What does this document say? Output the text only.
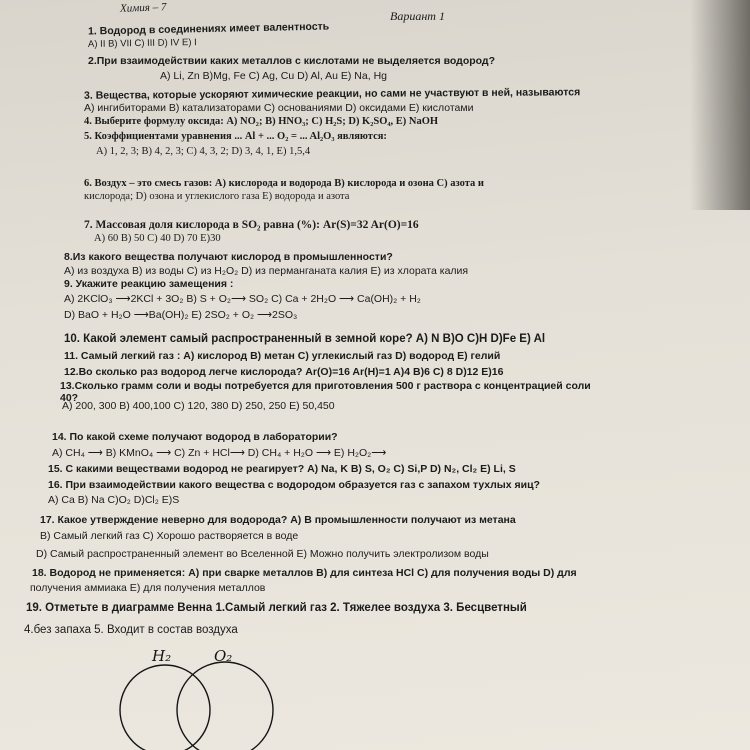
Химия – 7
Вариант 1
1. Водород в соединениях имеет валентность
A) II B) VII C) III D) IV E) I
2.При взаимодействии каких металлов с кислотами не выделяется водород?
A) Li, Zn B)Mg, Fe C) Ag, Cu D) Al, Au E) Na, Hg
3. Вещества, которые ускоряют химические реакции, но сами не участвуют в ней, называются
A) ингибиторами B) катализаторами C) основаниями D) оксидами E) кислотами
4. Выберите формулу оксида: A) NO₂; B) HNO₃; C) H₂S; D) K₂SO₄, E) NaOH
5. Коэффициентами уравнения ... Al + ... O₂ = ... Al₂O₃ являются:
A) 1, 2, 3; B) 4, 2, 3; C) 4, 3, 2; D) 3, 4, 1, E) 1,5,4
6. Воздух – это смесь газов: A) кислорода и водорода B) кислорода и озона C) азота и
кислорода; D) озона и углекислого газа E) водорода и азота
7. Массовая доля кислорода в SO₂ равна (%): Ar(S)=32 Ar(O)=16
A) 60 B) 50 C) 40 D) 70 E)30
8.Из какого вещества получают кислород в промышленности?
A) из воздуха B) из воды C) из H₂O₂ D) из перманганата калия E) из хлората калия
9. Укажите реакцию замещения :
A) 2KClO₃ ⟶2KCl + 3O₂ B) S + O₂⟶ SO₂ C) Ca + 2H₂O ⟶ Ca(OH)₂ + H₂
D) BaO + H₂O ⟶Ba(OH)₂ E) 2SO₂ + O₂ ⟶2SO₃
10. Какой элемент самый распространенный в земной коре? A) N B)O C)H D)Fe E) Al
11. Самый легкий газ : A) кислород B) метан C) углекислый газ D) водород E) гелий
12.Во сколько раз водород легче кислорода? Ar(O)=16 Ar(H)=1 A)4 B)6 C) 8 D)12 E)16
13.Сколько грамм соли и воды потребуется для приготовления 500 г раствора с концентрацией соли
40?
A) 200, 300 B) 400,100 C) 120, 380 D) 250, 250 E) 50,450
14. По какой схеме получают водород в лаборатории?
A) CH₄ ⟶ B) KMnO₄ ⟶ C) Zn + HCl⟶ D) CH₄ + H₂O ⟶ E) H₂O₂⟶
15. С какими веществами водород не реагирует? A) Na, K B) S, O₂ C) Si,P D) N₂, Cl₂ E) Li, S
16. При взаимодействии какого вещества с водородом образуется газ с запахом тухлых яиц?
A) Ca B) Na C)O₂ D)Cl₂ E)S
17. Какое утверждение неверно для водорода? A) В промышленности получают из метана
B) Самый легкий газ C) Хорошо растворяется в воде
D) Самый распространенный элемент во Вселенной E) Можно получить электролизом воды
18. Водород не применяется: A) при сварке металлов B) для синтеза HCl C) для получения воды D) для
получения аммиака E) для получения металлов
19. Отметьте в диаграмме Венна 1.Самый легкий газ 2. Тяжелее воздуха 3. Бесцветный
4.без запаха 5. Входит в состав воздуха
H₂	O₂
